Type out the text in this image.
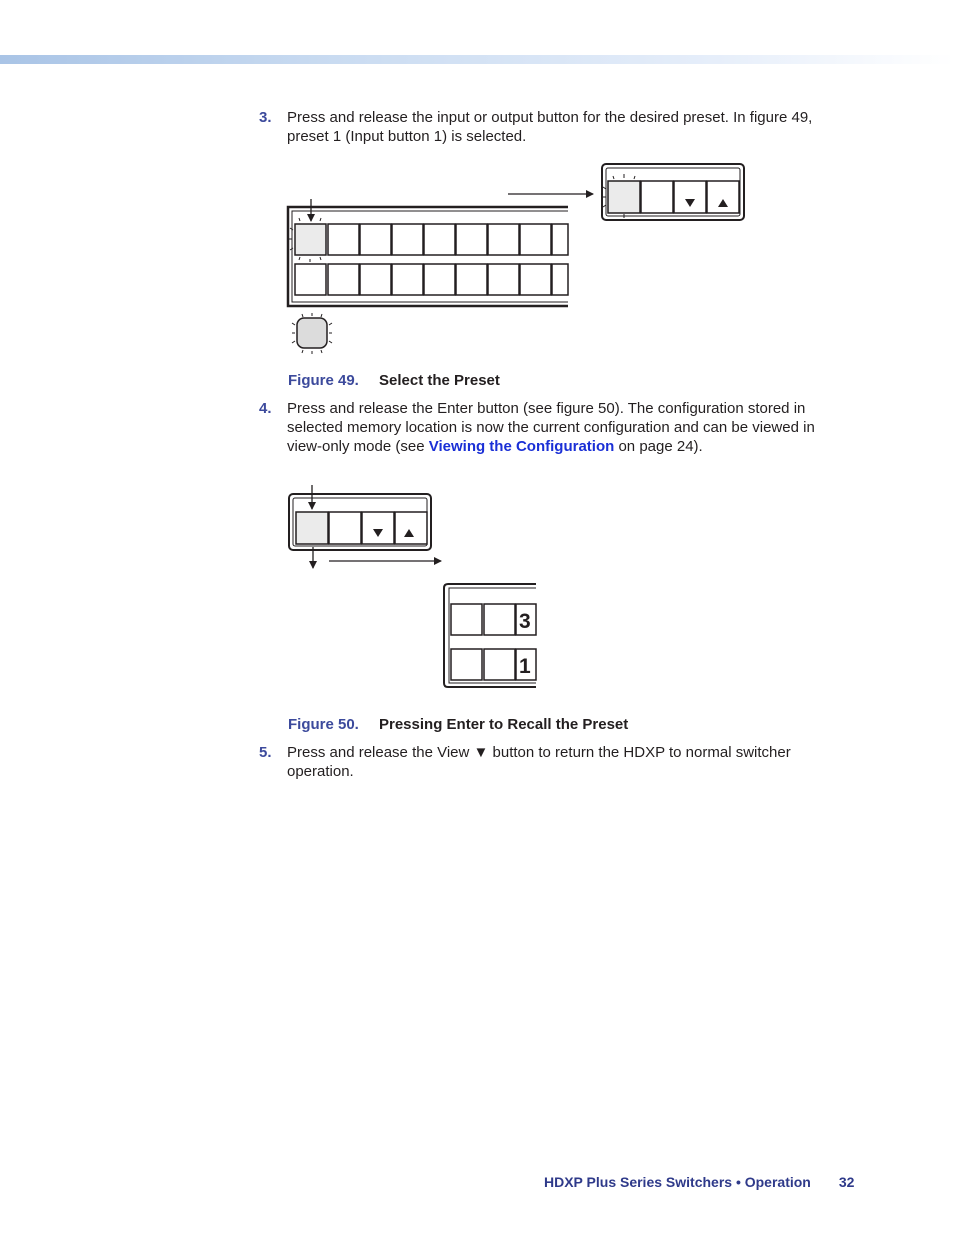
3. Press and release the input or output button for the desired preset. In figure 49, preset 1 (Input button 1) is selected.
Figure 49. Select the Preset
4. Press and release the Enter button (see figure 50). The configuration stored in selected memory location is now the current configuration and can be viewed in view-only mode (see Viewing the Configuration on page 24).
3
1
Figure 50. Pressing Enter to Recall the Preset
5. Press and release the View ▼ button to return the HDXP to normal switcher operation.
HDXP Plus Series Switchers • Operation 32
